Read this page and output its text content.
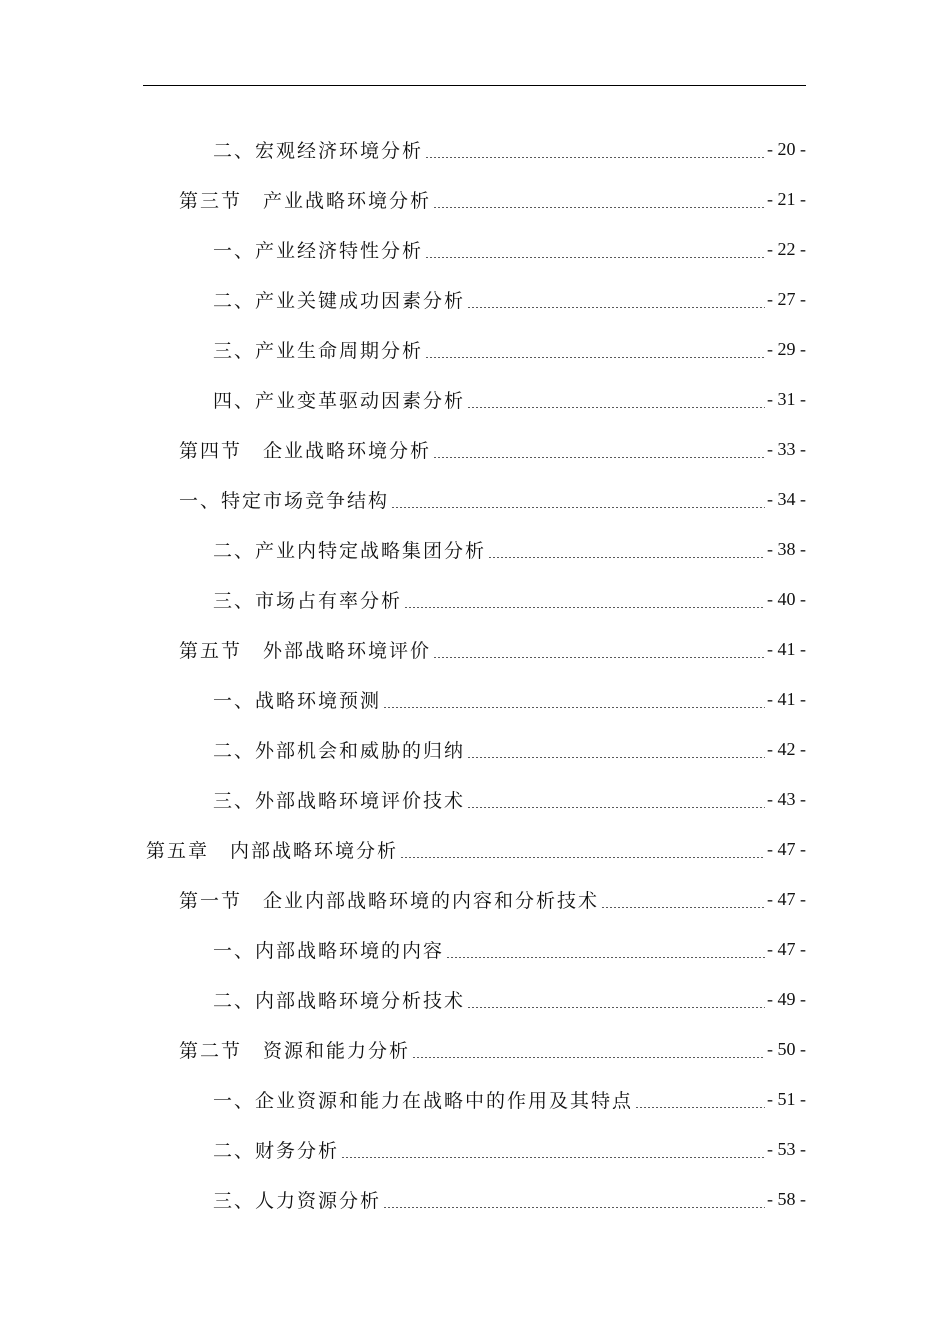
二、宏观经济环境分析	- 20 -
第三节　产业战略环境分析	- 21 -
一、产业经济特性分析	- 22 -
二、产业关键成功因素分析	- 27 -
三、产业生命周期分析	- 29 -
四、产业变革驱动因素分析	- 31 -
第四节　企业战略环境分析	- 33 -
一、特定市场竞争结构	- 34 -
二、产业内特定战略集团分析	- 38 -
三、市场占有率分析	- 40 -
第五节　外部战略环境评价	- 41 -
一、战略环境预测	- 41 -
二、外部机会和威胁的归纳	- 42 -
三、外部战略环境评价技术	- 43 -
第五章　内部战略环境分析	- 47 -
第一节　企业内部战略环境的内容和分析技术	- 47 -
一、内部战略环境的内容	- 47 -
二、内部战略环境分析技术	- 49 -
第二节　资源和能力分析	- 50 -
一、企业资源和能力在战略中的作用及其特点	- 51 -
二、财务分析	- 53 -
三、人力资源分析	- 58 -
